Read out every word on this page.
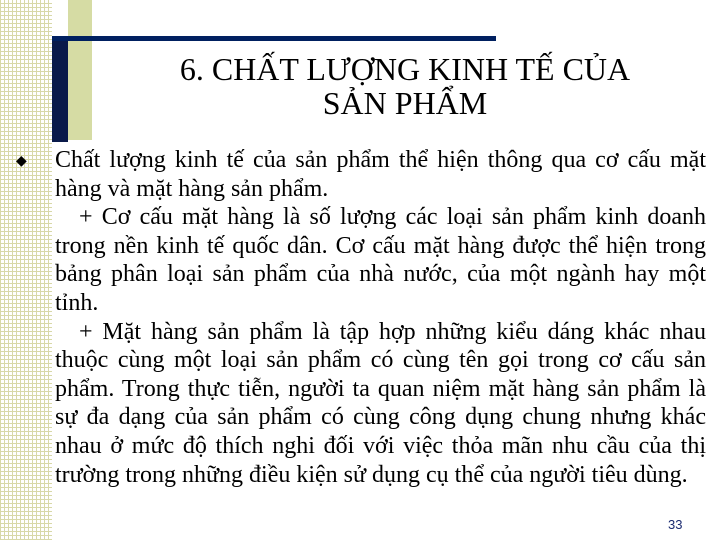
6. CHẤT LƯỢNG KINH TẾ CỦA
SẢN PHẨM
◆ Chất lượng kinh tế của sản phẩm thể hiện thông qua cơ cấu mặt hàng và mặt hàng sản phẩm.

+ Cơ cấu mặt hàng là số lượng các loại sản phẩm kinh doanh trong nền kinh tế quốc dân. Cơ cấu mặt hàng được thể hiện trong bảng phân loại sản phẩm của nhà nước, của một ngành hay một tỉnh.

+ Mặt hàng sản phẩm là tập hợp những kiểu dáng khác nhau thuộc cùng một loại sản phẩm có cùng tên gọi trong cơ cấu sản phẩm. Trong thực tiễn, người ta quan niệm mặt hàng sản phẩm là sự đa dạng của sản phẩm có cùng công dụng chung nhưng khác nhau ở mức độ thích nghi đối với việc thỏa mãn nhu cầu của thị trường trong những điều kiện sử dụng cụ thể của người tiêu dùng.

33
